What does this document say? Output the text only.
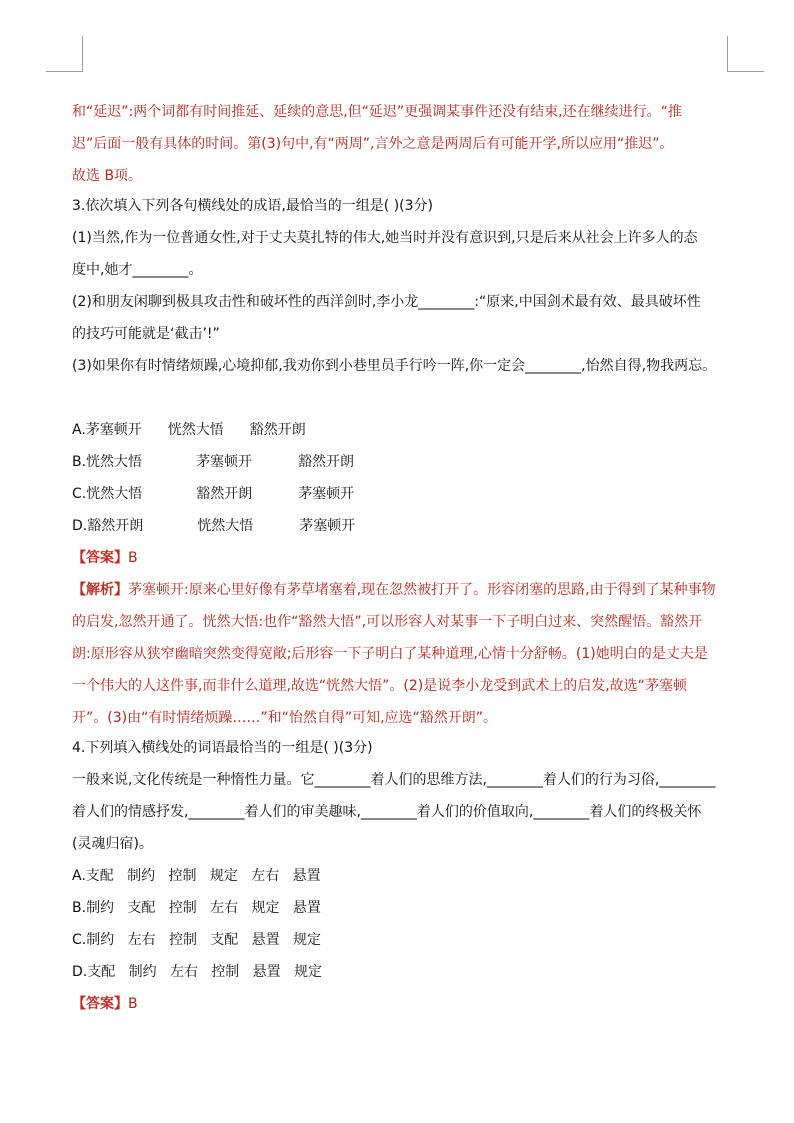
和“延迟”:两个词都有时间推延、延续的意思,但“延迟”更强调某事件还没有结束,还在继续进行。“推
迟”后面一般有具体的时间。第(3)句中,有“两周”,言外之意是两周后有可能开学,所以应用“推迟”。
故选 B项。
3.依次填入下列各句横线处的成语,最恰当的一组是( )(3分)
(1)当然,作为一位普通女性,对于丈夫莫扎特的伟大,她当时并没有意识到,只是后来从社会上许多人的态
度中,她才________。
(2)和朋友闲聊到极具攻击性和破坏性的西洋剑时,李小龙________:“原来,中国剑术最有效、最具破坏性
的技巧可能就是‘截击’!”
(3)如果你有时情绪烦躁,心境抑郁,我劝你到小巷里员手行吟一阵,你一定会________,怡然自得,物我两忘。
A.茅塞顿开 恍然大悟 豁然开朗
B.恍然大悟	茅塞顿开	豁然开朗
C.恍然大悟	豁然开朗	茅塞顿开
D.豁然开朗	恍然大悟	茅塞顿开
【答案】B
【解析】茅塞顿开:原来心里好像有茅草堵塞着,现在忽然被打开了。形容闭塞的思路,由于得到了某种事物
的启发,忽然开通了。恍然大悟:也作“豁然大悟”,可以形容人对某事一下子明白过来、突然醒悟。豁然开
朗:原形容从狭窄幽暗突然变得宽敞;后形容一下子明白了某种道理,心情十分舒畅。(1)她明白的是丈夫是
一个伟大的人这件事,而非什么道理,故选“恍然大悟”。(2)是说李小龙受到武术上的启发,故选“茅塞顿
开”。(3)由“有时情绪烦躁……”和“怡然自得”可知,应选“豁然开朗”。
4.下列填入横线处的词语最恰当的一组是( )(3分)
一般来说,文化传统是一种惰性力量。它________着人们的思维方法,________着人们的行为习俗,________
着人们的情感抒发,________着人们的审美趣味,________着人们的价值取向,________着人们的终极关怀
(灵魂归宿)。
A.支配 制约 控制 规定 左右 悬置
B.制约 支配 控制 左右 规定 悬置
C.制约 左右 控制 支配 悬置 规定
D.支配 制约 左右 控制 悬置 规定
【答案】B
